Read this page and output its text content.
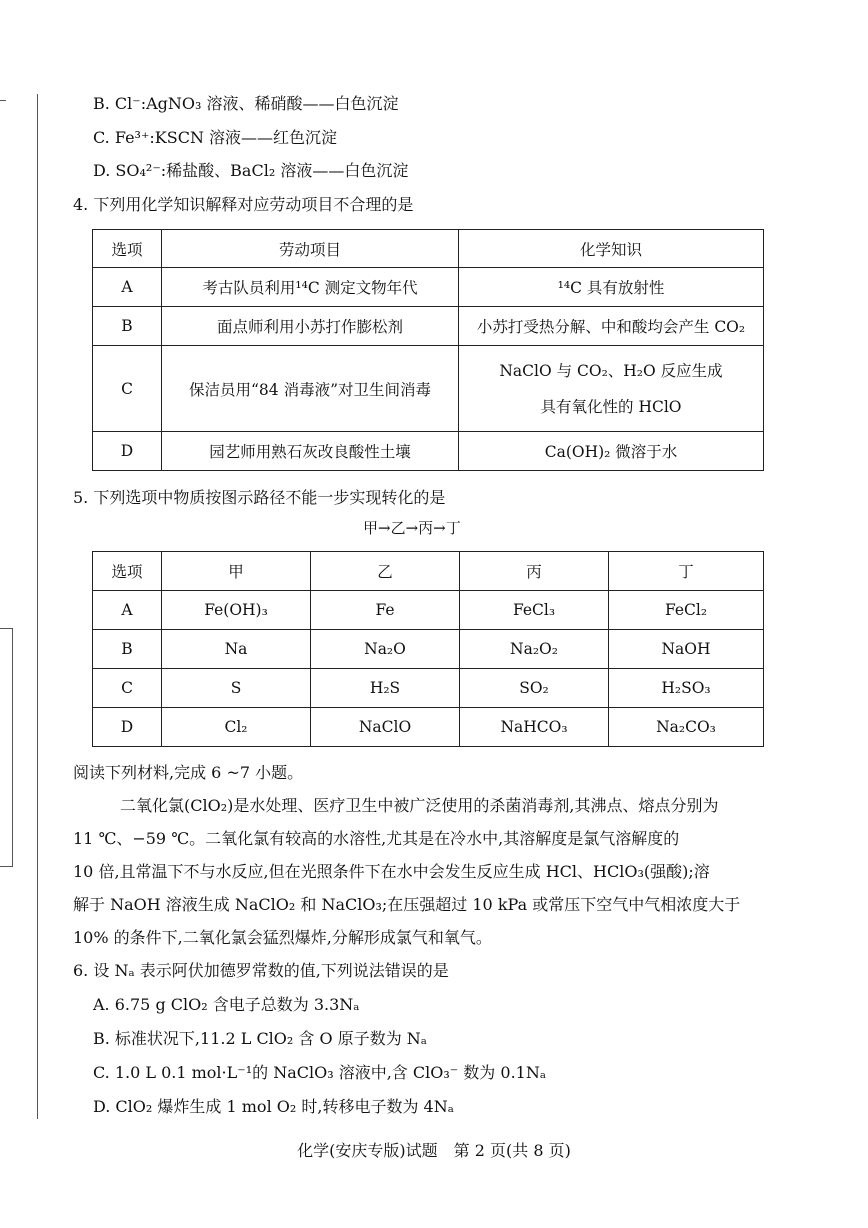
B. Cl⁻:AgNO₃ 溶液、稀硝酸——白色沉淀
C. Fe³⁺:KSCN 溶液——红色沉淀
D. SO₄²⁻:稀盐酸、BaCl₂ 溶液——白色沉淀
4. 下列用化学知识解释对应劳动项目不合理的是
选项	劳动项目	化学知识
A	考古队员利用¹⁴C 测定文物年代	¹⁴C 具有放射性
B	面点师利用小苏打作膨松剂	小苏打受热分解、中和酸均会产生 CO₂
C	保洁员用“84 消毒液”对卫生间消毒	NaClO 与 CO₂、H₂O 反应生成
具有氧化性的 HClO

D	园艺师用熟石灰改良酸性土壤	Ca(OH)₂ 微溶于水
5. 下列选项中物质按图示路径不能一步实现转化的是
甲→乙→丙→丁
选项	甲	乙	丙	丁
A	Fe(OH)₃	Fe	FeCl₃	FeCl₂
B	Na	Na₂O	Na₂O₂	NaOH
C	S	H₂S	SO₂	H₂SO₃
D	Cl₂	NaClO	NaHCO₃	Na₂CO₃
阅读下列材料,完成 6 ~7 小题。
二氧化氯(ClO₂)是水处理、医疗卫生中被广泛使用的杀菌消毒剂,其沸点、熔点分别为
11 ℃、−59 ℃。二氧化氯有较高的水溶性,尤其是在冷水中,其溶解度是氯气溶解度的
10 倍,且常温下不与水反应,但在光照条件下在水中会发生反应生成 HCl、HClO₃(强酸);溶
解于 NaOH 溶液生成 NaClO₂ 和 NaClO₃;在压强超过 10 kPa 或常压下空气中气相浓度大于
10% 的条件下,二氧化氯会猛烈爆炸,分解形成氯气和氧气。
6. 设 Nₐ 表示阿伏加德罗常数的值,下列说法错误的是
A. 6.75 g ClO₂ 含电子总数为 3.3Nₐ
B. 标准状况下,11.2 L ClO₂ 含 O 原子数为 Nₐ
C. 1.0 L 0.1 mol·L⁻¹的 NaClO₃ 溶液中,含 ClO₃⁻ 数为 0.1Nₐ
D. ClO₂ 爆炸生成 1 mol O₂ 时,转移电子数为 4Nₐ
化学(安庆专版)试题　第 2 页(共 8 页)
